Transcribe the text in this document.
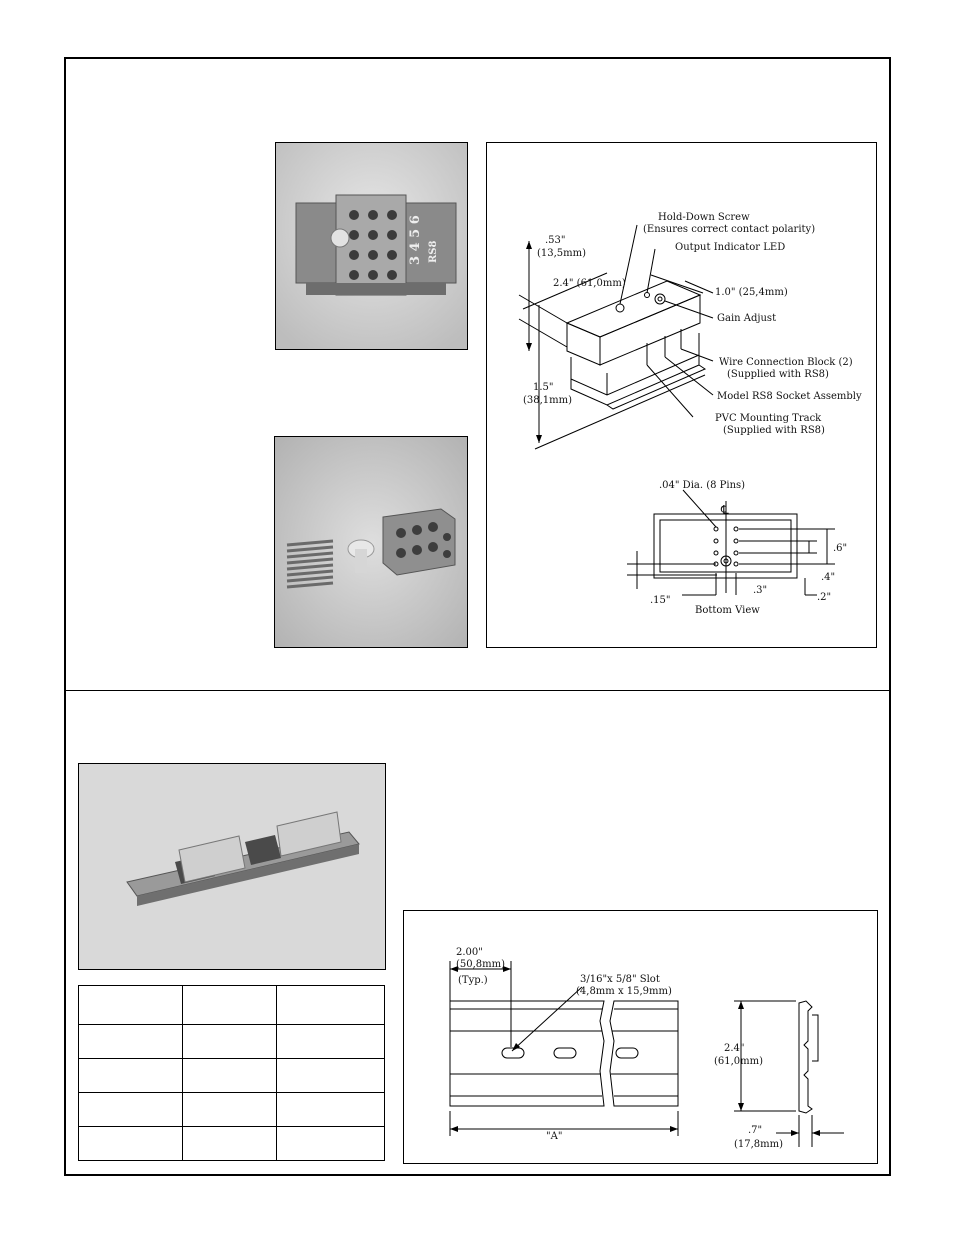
3 4 5 6 RS8
Hold-Down Screw
(Ensures correct contact polarity)
Output Indicator LED
.53"
(13,5mm)
2.4" (61,0mm)
1.0" (25,4mm)
Gain Adjust
Wire Connection Block (2)
(Supplied with RS8)
Model RS8 Socket Assembly
1.5"
(38,1mm)
PVC Mounting Track
(Supplied with RS8)
.04" Dia. (8 Pins)
℄
.6"
.4"
.2"
.3"
.15"
Bottom View

2.00"
(50,8mm)
(Typ.)	3/16"x 5/8" Slot
(4,8mm x 15,9mm)
"A"
2.4"
(61,0mm)
.7"
(17,8mm)
